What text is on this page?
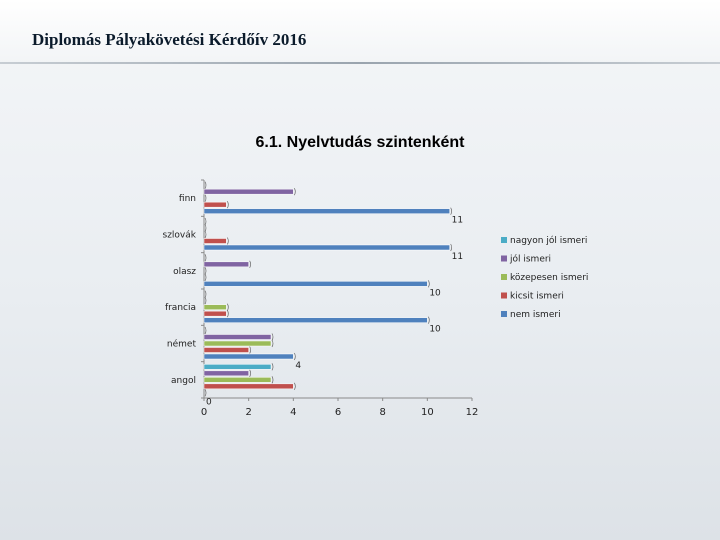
Diplomás Pályakövetési Kérdőív 2016
6.1. Nyelvtudás szintenként
0	2	4	6	8	10	12
finn
szlovák
olasz
francia
német
angol
11
11
10
10
4
0
nagyon jól ismeri
jól ismeri
közepesen ismeri
kicsit ismeri
nem ismeri
